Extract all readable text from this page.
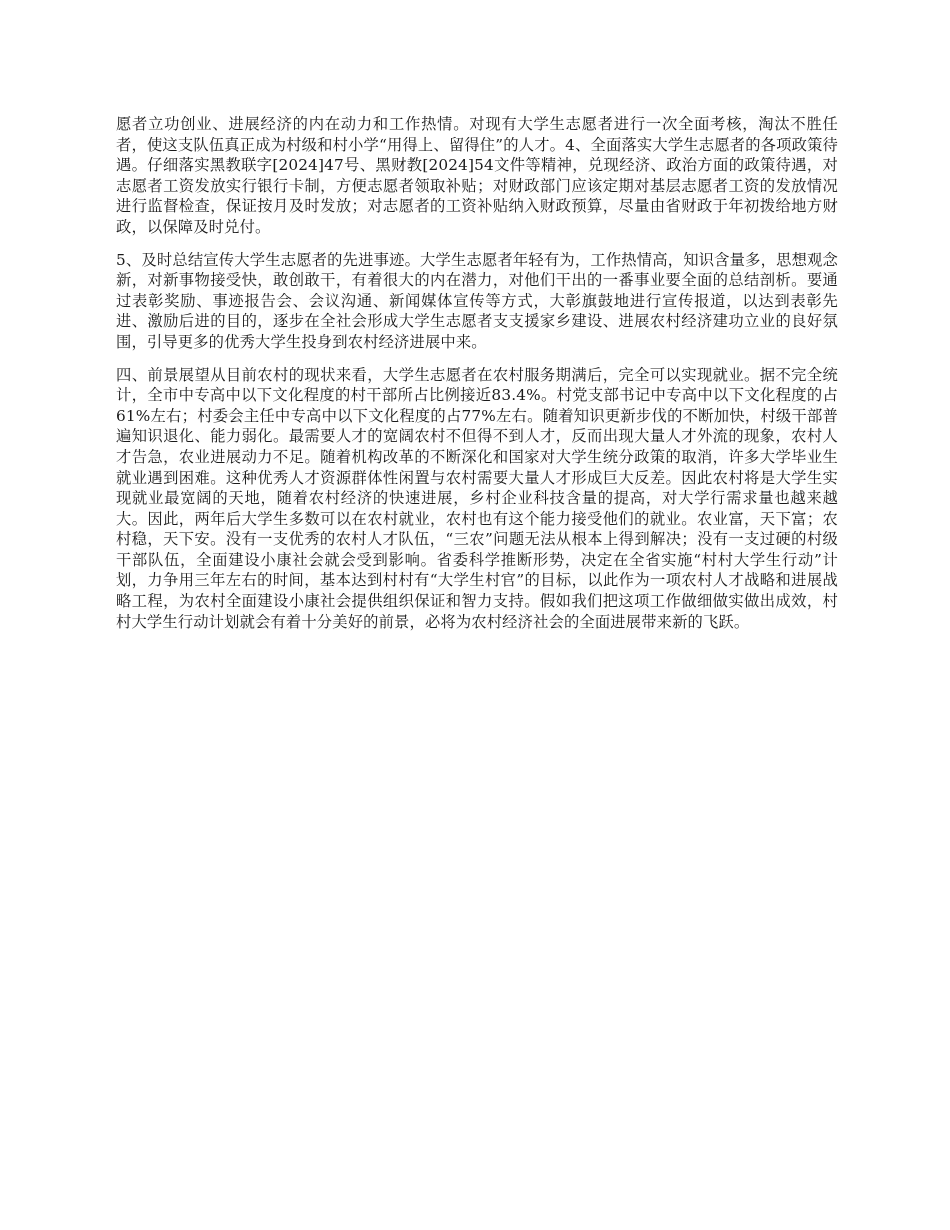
愿者立功创业、进展经济的内在动力和工作热情。对现有大学生志愿者进行一次全面考核，淘汰不胜任者，使这支队伍真正成为村级和村小学“用得上、留得住”的人才。4、全面落实大学生志愿者的各项政策待遇。仔细落实黑教联字[2024]47号、黑财教[2024]54文件等精神，兑现经济、政治方面的政策待遇，对志愿者工资发放实行银行卡制，方便志愿者领取补贴；对财政部门应该定期对基层志愿者工资的发放情况进行监督检查，保证按月及时发放；对志愿者的工资补贴纳入财政预算，尽量由省财政于年初拨给地方财政，以保障及时兑付。

5、及时总结宣传大学生志愿者的先进事迹。大学生志愿者年轻有为，工作热情高，知识含量多，思想观念新，对新事物接受快，敢创敢干，有着很大的内在潜力，对他们干出的一番事业要全面的总结剖析。要通过表彰奖励、事迹报告会、会议沟通、新闻媒体宣传等方式，大彰旗鼓地进行宣传报道，以达到表彰先进、激励后进的目的，逐步在全社会形成大学生志愿者支支援家乡建设、进展农村经济建功立业的良好氛围，引导更多的优秀大学生投身到农村经济进展中来。

四、前景展望从目前农村的现状来看，大学生志愿者在农村服务期满后，完全可以实现就业。据不完全统计，全市中专高中以下文化程度的村干部所占比例接近83.4%。村党支部书记中专高中以下文化程度的占61%左右；村委会主任中专高中以下文化程度的占77%左右。随着知识更新步伐的不断加快，村级干部普遍知识退化、能力弱化。最需要人才的宽阔农村不但得不到人才，反而出现大量人才外流的现象，农村人才告急，农业进展动力不足。随着机构改革的不断深化和国家对大学生统分政策的取消，许多大学毕业生就业遇到困难。这种优秀人才资源群体性闲置与农村需要大量人才形成巨大反差。因此农村将是大学生实现就业最宽阔的天地，随着农村经济的快速进展，乡村企业科技含量的提高，对大学行需求量也越来越大。因此，两年后大学生多数可以在农村就业，农村也有这个能力接受他们的就业。农业富，天下富；农村稳，天下安。没有一支优秀的农村人才队伍，“三农”问题无法从根本上得到解决；没有一支过硬的村级干部队伍，全面建设小康社会就会受到影响。省委科学推断形势，决定在全省实施“村村大学生行动”计划，力争用三年左右的时间，基本达到村村有“大学生村官”的目标，以此作为一项农村人才战略和进展战略工程，为农村全面建设小康社会提供组织保证和智力支持。假如我们把这项工作做细做实做出成效，村村大学生行动计划就会有着十分美好的前景，必将为农村经济社会的全面进展带来新的飞跃。
